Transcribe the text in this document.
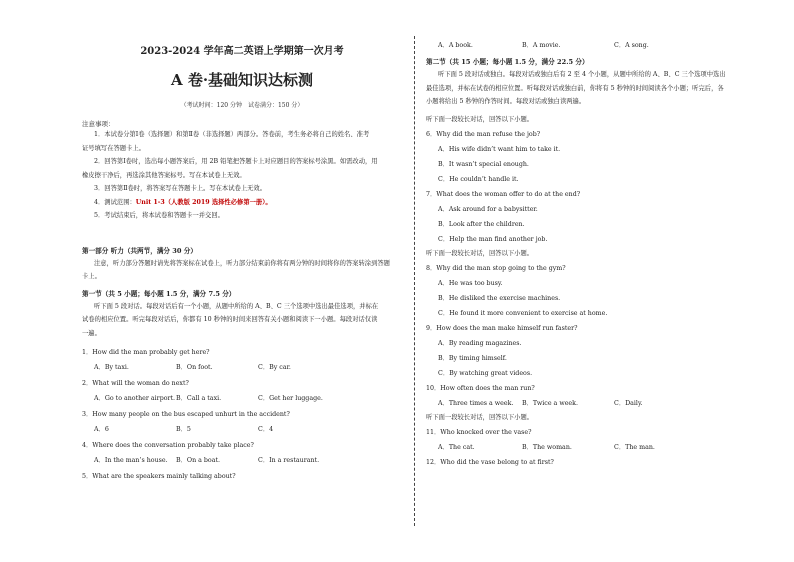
2023-2024 学年高二英语上学期第一次月考
A 卷·基础知识达标测
（考试时间：120 分钟　试卷满分：150 分）
注意事项：

1．本试卷分第Ⅰ卷（选择题）和第Ⅱ卷（非选择题）两部分。答卷前，考生务必将自己的姓名、准考

证号填写在答题卡上。

2．回答第Ⅰ卷时，选出每小题答案后，用 2B 铅笔把答题卡上对应题目的答案标号涂黑。如需改动，用

橡皮擦干净后，再选涂其他答案标号。写在本试卷上无效。

3．回答第Ⅱ卷时，将答案写在答题卡上。写在本试卷上无效。

4．测试范围：Unit 1-3（人教版 2019 选择性必修第一册）。

5．考试结束后，将本试卷和答题卡一并交回。

第一部分 听力（共两节，满分 30 分）

注意，听力部分答题时请先将答案标在试卷上，听力部分结束前你将有两分钟的时间将你的答案转涂到答题

卡上。

第一节（共 5 小题；每小题 1.5 分，满分 7.5 分）

听下面 5 段对话。每段对话后有一个小题，从题中所给的 A、B、C 三个选项中选出最佳选项，并标在

试卷的相应位置。听完每段对话后，你都有 10 秒钟的时间来回答有关小题和阅读下一小题。每段对话仅读

一遍。

1．How did the man probably get here?
A．By taxi.	B．On foot.	C．By car.
2．What will the woman do next?
A．Go to another airport.B．Call a taxi.	C．Get her luggage.
3．How many people on the bus escaped unhurt in the accident?
A．6	B．5	C．4
4．Where does the conversation probably take place?
A．In the man’s house. B．On a boat.	C．In a restaurant.
5．What are the speakers mainly talking about?
A．A book.	B．A movie.	C．A song.
第二节（共 15 小题；每小题 1.5 分，满分 22.5 分）

听下面 5 段对话或独白。每段对话或独白后有 2 至 4 个小题，从题中所给的 A、B、C 三个选项中选出

最佳选项，并标在试卷的相应位置。听每段对话或独白前，你将有 5 秒钟的时间阅读各个小题；听完后，各

小题将给出 5 秒钟的作答时间。每段对话或独白读两遍。

听下面一段较长对话，回答以下小题。
6．Why did the man refuse the job?
A．His wife didn’t want him to take it.
B．It wasn’t special enough.
C．He couldn’t handle it.
7．What does the woman offer to do at the end?
A．Ask around for a babysitter.
B．Look after the children.
C．Help the man find another job.
听下面一段较长对话，回答以下小题。
8．Why did the man stop going to the gym?
A．He was too busy.
B．He disliked the exercise machines.
C．He found it more convenient to exercise at home.
9．How does the man make himself run faster?
A．By reading magazines.
B．By timing himself.
C．By watching great videos.
10．How often does the man run?
A．Three times a week. B．Twice a week.	C．Daily.
听下面一段较长对话，回答以下小题。
11．Who knocked over the vase?
A．The cat.	B．The woman.	C．The man.
12．Who did the vase belong to at first?
